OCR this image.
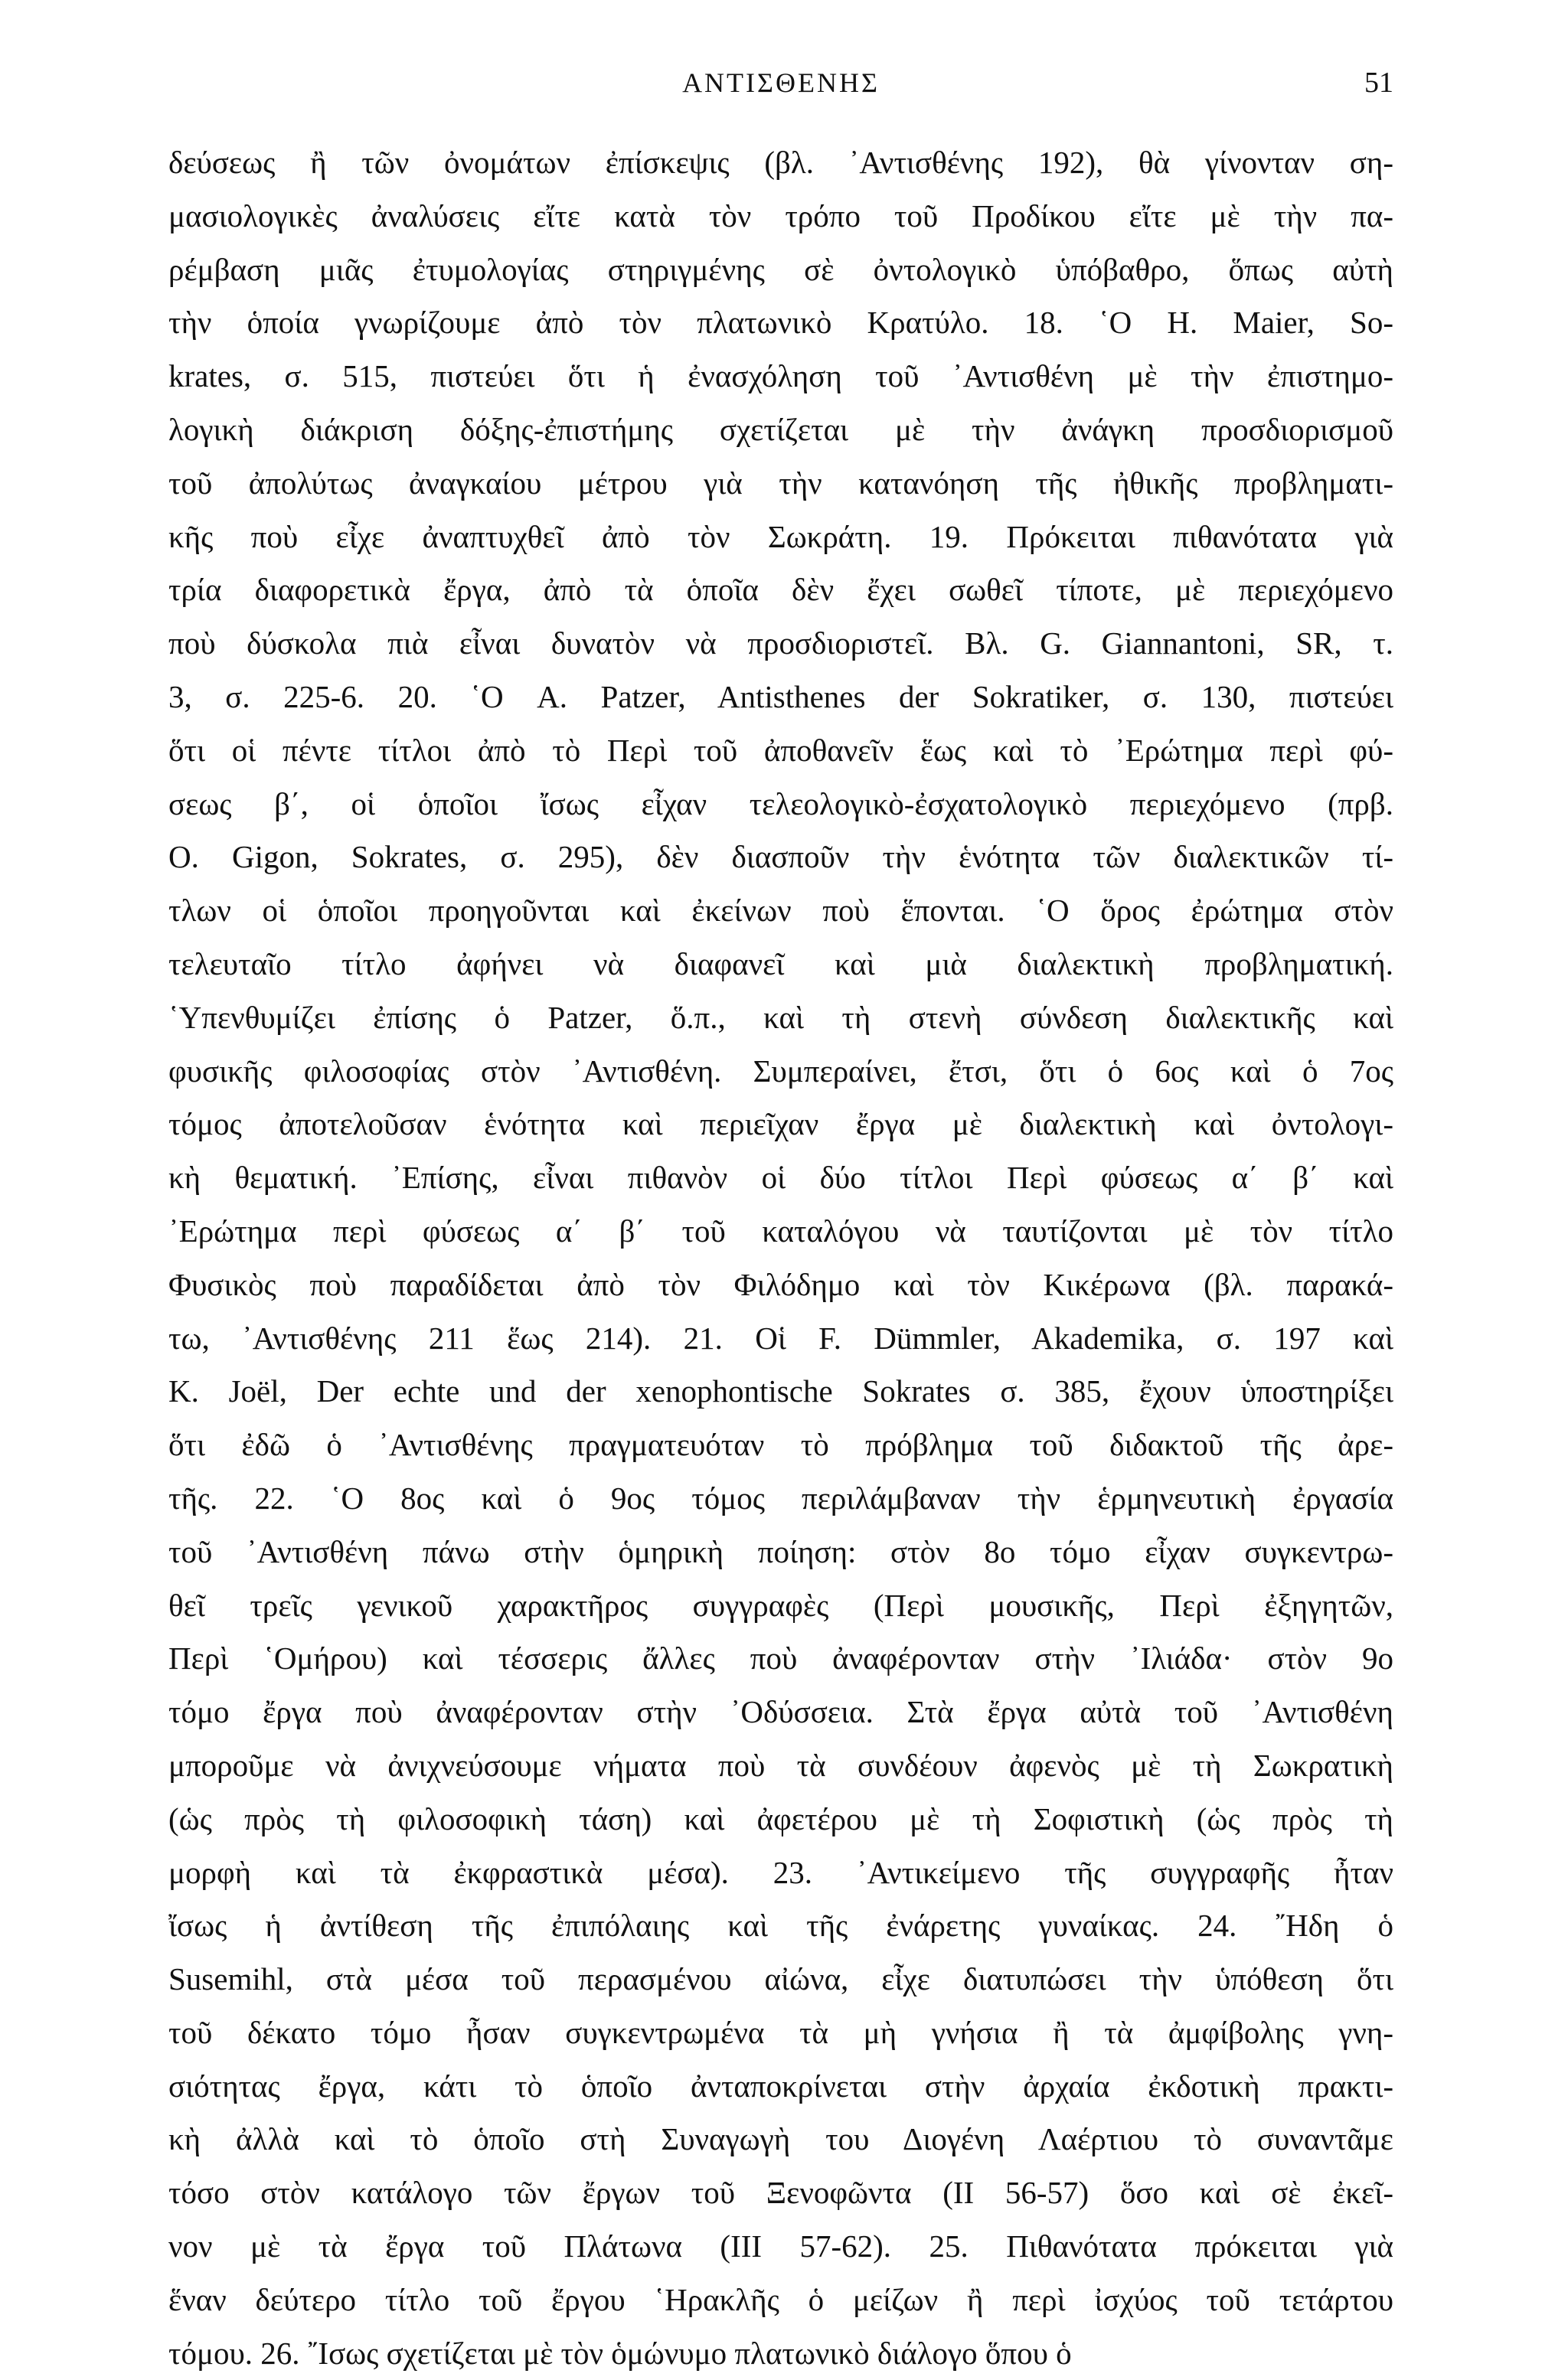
ΑΝΤΙΣΘΕΝΗΣ	51
δεύσεως ἢ τῶν ὀνομάτων ἐπίσκεψις (βλ. ᾿Αντισθένης 192), θὰ γίνονταν ση-
μασιολογικὲς ἀναλύσεις εἴτε κατὰ τὸν τρόπο τοῦ Προδίκου εἴτε μὲ τὴν πα-
ρέμβαση μιᾶς ἐτυμολογίας στηριγμένης σὲ ὀντολογικὸ ὑπόβαθρο, ὅπως αὐτὴ
τὴν ὁποία γνωρίζουμε ἀπὸ τὸν πλατωνικὸ Κρατύλο. 18. ῾Ο H. Maier, So-
krates, σ. 515, πιστεύει ὅτι ἡ ἐνασχόληση τοῦ ᾿Αντισθένη μὲ τὴν ἐπιστημο-
λογικὴ διάκριση δόξης-ἐπιστήμης σχετίζεται μὲ τὴν ἀνάγκη προσδιορισμοῦ
τοῦ ἀπολύτως ἀναγκαίου μέτρου γιὰ τὴν κατανόηση τῆς ἠθικῆς προβληματι-
κῆς ποὺ εἶχε ἀναπτυχθεῖ ἀπὸ τὸν Σωκράτη. 19. Πρόκειται πιθανότατα γιὰ
τρία διαφορετικὰ ἔργα, ἀπὸ τὰ ὁποῖα δὲν ἔχει σωθεῖ τίποτε, μὲ περιεχόμενο
ποὺ δύσκολα πιὰ εἶναι δυνατὸν νὰ προσδιοριστεῖ. Βλ. G. Giannantoni, SR, τ.
3, σ. 225-6. 20. ῾Ο A. Patzer, Antisthenes der Sokratiker, σ. 130, πιστεύει
ὅτι οἱ πέντε τίτλοι ἀπὸ τὸ Περὶ τοῦ ἀποθανεῖν ἕως καὶ τὸ ᾿Ερώτημα περὶ φύ-
σεως β΄, οἱ ὁποῖοι ἴσως εἶχαν τελεολογικὸ-ἐσχατολογικὸ περιεχόμενο (πρβ.
O. Gigon, Sokrates, σ. 295), δὲν διασποῦν τὴν ἑνότητα τῶν διαλεκτικῶν τί-
τλων οἱ ὁποῖοι προηγοῦνται καὶ ἐκείνων ποὺ ἕπονται. ῾Ο ὅρος ἐρώτημα στὸν
τελευταῖο τίτλο ἀφήνει νὰ διαφανεῖ καὶ μιὰ διαλεκτικὴ προβληματική.
῾Υπενθυμίζει ἐπίσης ὁ Patzer, ὅ.π., καὶ τὴ στενὴ σύνδεση διαλεκτικῆς καὶ
φυσικῆς φιλοσοφίας στὸν ᾿Αντισθένη. Συμπεραίνει, ἔτσι, ὅτι ὁ 6ος καὶ ὁ 7ος
τόμος ἀποτελοῦσαν ἑνότητα καὶ περιεῖχαν ἔργα μὲ διαλεκτικὴ καὶ ὀντολογι-
κὴ θεματική. ᾿Επίσης, εἶναι πιθανὸν οἱ δύο τίτλοι Περὶ φύσεως α΄ β΄ καὶ
᾿Ερώτημα περὶ φύσεως α΄ β΄ τοῦ καταλόγου νὰ ταυτίζονται μὲ τὸν τίτλο
Φυσικὸς ποὺ παραδίδεται ἀπὸ τὸν Φιλόδημο καὶ τὸν Κικέρωνα (βλ. παρακά-
τω, ᾿Αντισθένης 211 ἕως 214). 21. Οἱ F. Dümmler, Akademika, σ. 197 καὶ
K. Joël, Der echte und der xenophontische Sokrates σ. 385, ἔχουν ὑποστηρίξει
ὅτι ἐδῶ ὁ ᾿Αντισθένης πραγματευόταν τὸ πρόβλημα τοῦ διδακτοῦ τῆς ἀρε-
τῆς. 22. ῾Ο 8ος καὶ ὁ 9ος τόμος περιλάμβαναν τὴν ἑρμηνευτικὴ ἐργασία
τοῦ ᾿Αντισθένη πάνω στὴν ὁμηρικὴ ποίηση: στὸν 8ο τόμο εἶχαν συγκεντρω-
θεῖ τρεῖς γενικοῦ χαρακτῆρος συγγραφὲς (Περὶ μουσικῆς, Περὶ ἐξηγητῶν,
Περὶ ῾Ομήρου) καὶ τέσσερις ἄλλες ποὺ ἀναφέρονταν στὴν ᾿Ιλιάδα· στὸν 9ο
τόμο ἔργα ποὺ ἀναφέρονταν στὴν ᾿Οδύσσεια. Στὰ ἔργα αὐτὰ τοῦ ᾿Αντισθένη
μποροῦμε νὰ ἀνιχνεύσουμε νήματα ποὺ τὰ συνδέουν ἀφενὸς μὲ τὴ Σωκρατικὴ
(ὡς πρὸς τὴ φιλοσοφικὴ τάση) καὶ ἀφετέρου μὲ τὴ Σοφιστικὴ (ὡς πρὸς τὴ
μορφὴ καὶ τὰ ἐκφραστικὰ μέσα). 23. ᾿Αντικείμενο τῆς συγγραφῆς ἦταν
ἴσως ἡ ἀντίθεση τῆς ἐπιπόλαιης καὶ τῆς ἐνάρετης γυναίκας. 24. ῎Ηδη ὁ
Susemihl, στὰ μέσα τοῦ περασμένου αἰώνα, εἶχε διατυπώσει τὴν ὑπόθεση ὅτι
τοῦ δέκατο τόμο ἦσαν συγκεντρωμένα τὰ μὴ γνήσια ἢ τὰ ἀμφίβολης γνη-
σιότητας ἔργα, κάτι τὸ ὁποῖο ἀνταποκρίνεται στὴν ἀρχαία ἐκδοτικὴ πρακτι-
κὴ ἀλλὰ καὶ τὸ ὁποῖο στὴ Συναγωγὴ του Διογένη Λαέρτιου τὸ συναντᾶμε
τόσο στὸν κατάλογο τῶν ἔργων τοῦ Ξενοφῶντα (II 56-57) ὅσο καὶ σὲ ἐκεῖ-
νον μὲ τὰ ἔργα τοῦ Πλάτωνα (III 57-62). 25. Πιθανότατα πρόκειται γιὰ
ἕναν δεύτερο τίτλο τοῦ ἔργου ῾Ηρακλῆς ὁ μείζων ἢ περὶ ἰσχύος τοῦ τετάρτου
τόμου. 26. ῎Ισως σχετίζεται μὲ τὸν ὁμώνυμο πλατωνικὸ διάλογο ὅπου ὁ
